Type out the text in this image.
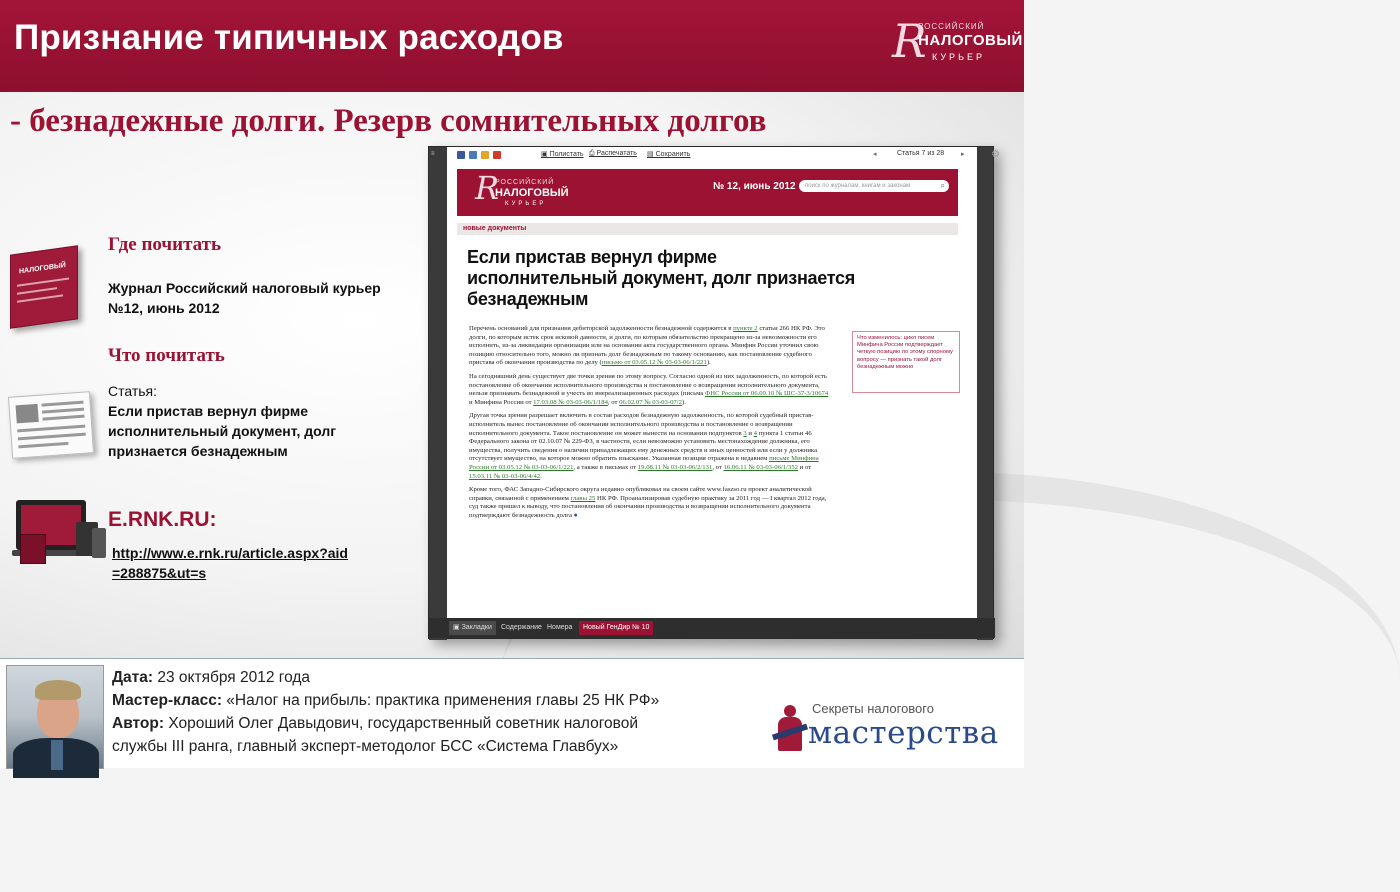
Признание типичных расходов	R
РОССИЙСКИЙ
НАЛОГОВЫЙ
КУРЬЕР
- безнадежные долги. Резерв сомнительных долгов
НАЛОГОВЫЙ
Где почитать
Журнал Российский налоговый курьер
№12, июнь 2012
Что почитать
Статья:
Если пристав вернул фирме
исполнительный документ, долг
признается безнадежным
E.RNK.RU:
http://www.e.rnk.ru/article.aspx?aid=288875&ut=s
≡	▣ Полистать ⎙ Распечатать ▤ Сохранить	◂	Статья 7 из 28 ▸	⚙
R
РОССИЙСКИЙ
НАЛОГОВЫЙ
КУРЬЕР
№ 12, июнь 2012	поиск по журналам, книгам и законам	⌕
новые документы
Если пристав вернул фирме исполнительный документ, долг признается безнадежным

Перечень оснований для признания дебиторской задолженности безнадежной содержится в пункте 2 статьи 266 НК РФ. Это долги, по которым истек срок исковой давности, и долги, по которым обязательство прекращено из-за невозможности его исполнить, из-за ликвидации организации или на основании акта государственного органа. Минфин России уточнил свою позицию относительно того, можно ли признать долг безнадежным по такому основанию, как постановление судебного пристава об окончании производства по делу (письмо от 03.05.12 № 03-03-06/1/221).

На сегодняшний день существует две точки зрения по этому вопросу. Согласно одной из них задолженность, по которой есть постановление об окончании исполнительного производства и постановление о возвращении исполнительного документа, нельзя признавать безнадежной и учесть во внереализационных расходах (письма ФНС России от 06.09.10 № ШС-37-3/10674 и Минфина России от 17.03.08 № 03-03-06/1/184, от 06.02.07 № 03-03-07/2).

Другая точка зрения разрешает включить в состав расходов безнадежную задолженность, по которой судебный пристав-исполнитель вынес постановление об окончании исполнительного производства и постановление о возвращении исполнительного документа. Такое постановление он может вынести на основании подпунктов 3 и 4 пункта 1 статьи 46 Федерального закона от 02.10.07 № 229-ФЗ, в частности, если невозможно установить местонахождение должника, его имущества, получить сведения о наличии принадлежащих ему денежных средств и иных ценностей или если у должника отсутствует имущество, на которое можно обратить взыскание. Указанная позиция отражена в недавнем письме Минфина России от 03.05.12 № 03-03-06/1/221, а также в письмах от 19.08.11 № 03-03-06/2/131, от 16.06.11 № 03-03-06/1/352 и от 15.03.11 № 03-03-06/4/42.

Кроме того, ФАС Западно-Сибирского округа недавно опубликовал на своем сайте www.faszso.ru проект аналитической справки, связанной с применением главы 25 НК РФ. Проанализировав судебную практику за 2011 год — I квартал 2012 года, суд также пришел к выводу, что постановления об окончании производства и возвращении исполнительного документа подтверждают безнадежность долга ●

Что изменилось: цикл писем Минфина России подтверждает четкую позицию по этому спорному вопросу — признать такой долг безнадежным можно
▣ Закладки	Содержание Номера	Новый ГенДир № 10
Дата: 23 октября 2012 года
Мастер-класс: «Налог на прибыль: практика применения главы 25 НК РФ»
Автор: Хороший Олег Давыдович, государственный советник налоговой
службы III ранга, главный эксперт-методолог БСС «Система Главбух»
Секреты налогового
мастерства
